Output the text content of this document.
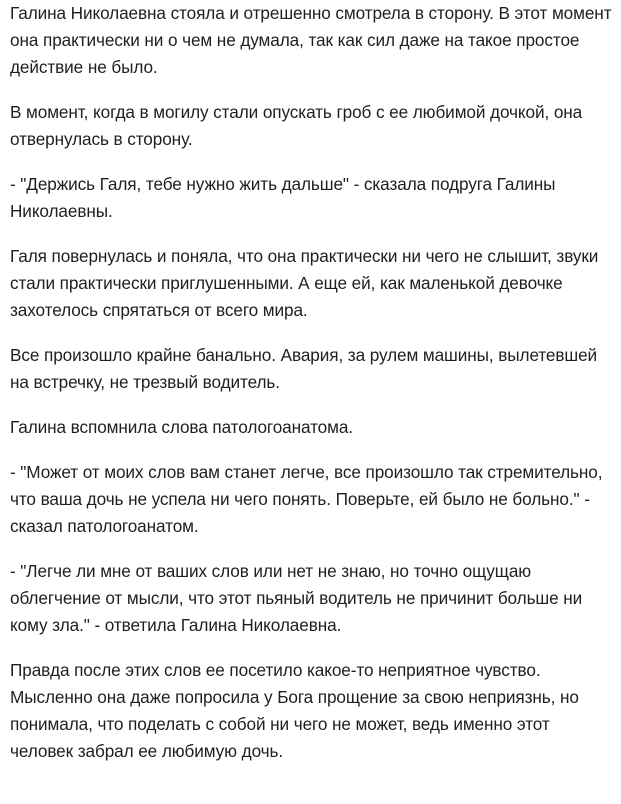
Галина Николаевна стояла и отрешенно смотрела в сторону. В этот момент
она практически ни о чем не думала, так как сил даже на такое простое
действие не было.

В момент, когда в могилу стали опускать гроб с ее любимой дочкой, она
отвернулась в сторону.

- "Держись Галя, тебе нужно жить дальше" - сказала подруга Галины
Николаевны.

Галя повернулась и поняла, что она практически ни чего не слышит, звуки
стали практически приглушенными. А еще ей, как маленькой девочке
захотелось спрятаться от всего мира.

Все произошло крайне банально. Авария, за рулем машины, вылетевшей
на встречку, не трезвый водитель.

Галина вспомнила слова патологоанатома.

- "Может от моих слов вам станет легче, все произошло так стремительно,
что ваша дочь не успела ни чего понять. Поверьте, ей было не больно." -
сказал патологоанатом.

- "Легче ли мне от ваших слов или нет не знаю, но точно ощущаю
облегчение от мысли, что этот пьяный водитель не причинит больше ни
кому зла." - ответила Галина Николаевна.

Правда после этих слов ее посетило какое-то неприятное чувство.
Мысленно она даже попросила у Бога прощение за свою неприязнь, но
понимала, что поделать с собой ни чего не может, ведь именно этот
человек забрал ее любимую дочь.
